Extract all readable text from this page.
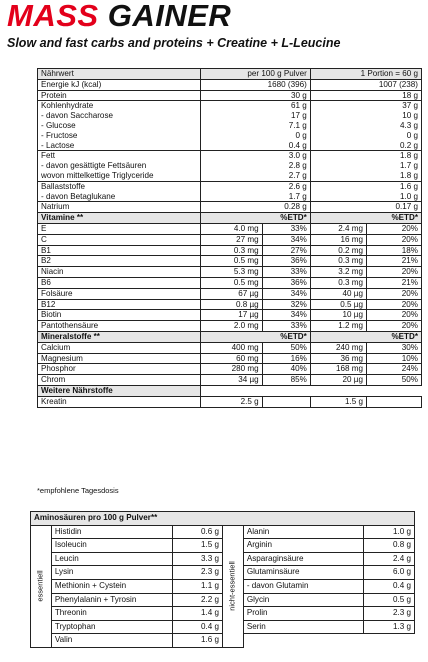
MASS GAINER
Slow and fast carbs and proteins + Creatine + L-Leucine
Nährwert	per 100 g Pulver		1 Portion = 60 g	
Energie kJ (kcal)	1680 (396)		1007 (238)	
Protein	30 g		18 g	
Kohlenhydrate	61 g		37 g	
- davon Saccharose	17 g		10 g	
- Glucose	7.1 g		4.3 g	
- Fructose	0 g		0 g	
- Lactose	0.4 g		0.2 g	
Fett	3.0 g		1.8 g	
- davon gesättigte Fettsäuren	2.8 g		1.7 g	
wovon mittelkettige Triglyceride	2.7 g		1.8 g	
Ballaststoffe	2.6 g		1.6 g	
- davon Betaglukane	1.7 g		1.0 g	
Natrium	0.28 g		0.17 g	
Vitamine **	%ETD*		%ETD*	
E	4.0 mg	33%	2.4 mg	20%
C	27 mg	34%	16 mg	20%
B1	0.3 mg	27%	0.2 mg	18%
B2	0.5 mg	36%	0.3 mg	21%
Niacin	5.3 mg	33%	3.2 mg	20%
B6	0.5 mg	36%	0.3 mg	21%
Folsäure	67 µg	34%	40 µg	20%
B12	0.8 µg	32%	0.5 µg	20%
Biotin	17 µg	34%	10 µg	20%
Pantothensäure	2.0 mg	33%	1.2 mg	20%
Mineralstoffe **	%ETD*		%ETD*	
Calcium	400 mg	50%	240 mg	30%
Magnesium	60 mg	16%	36 mg	10%
Phosphor	280 mg	40%	168 mg	24%
Chrom	34 µg	85%	20 µg	50%
Weitere Nährstoffe				
Kreatin	2.5 g		1.5 g	
*empfohlene Tagesdosis
Aminosäuren pro 100 g Pulver**					

essentiell	Histidin	0.6 g	nicht-essentiell	Alanin	1.0 g
	Isoleucin	1.5 g		Arginin	0.8 g
	Leucin	3.3 g		Asparaginsäure	2.4 g
	Lysin	2.3 g		Glutaminsäure	6.0 g
	Methionin + Cystein	1.1 g		- davon Glutamin	0.4 g
	Phenylalanin + Tyrosin	2.2 g		Glycin	0.5 g
	Threonin	1.4 g		Prolin	2.3 g
	Tryptophan	0.4 g		Serin	1.3 g
	Valin	1.6 g			
